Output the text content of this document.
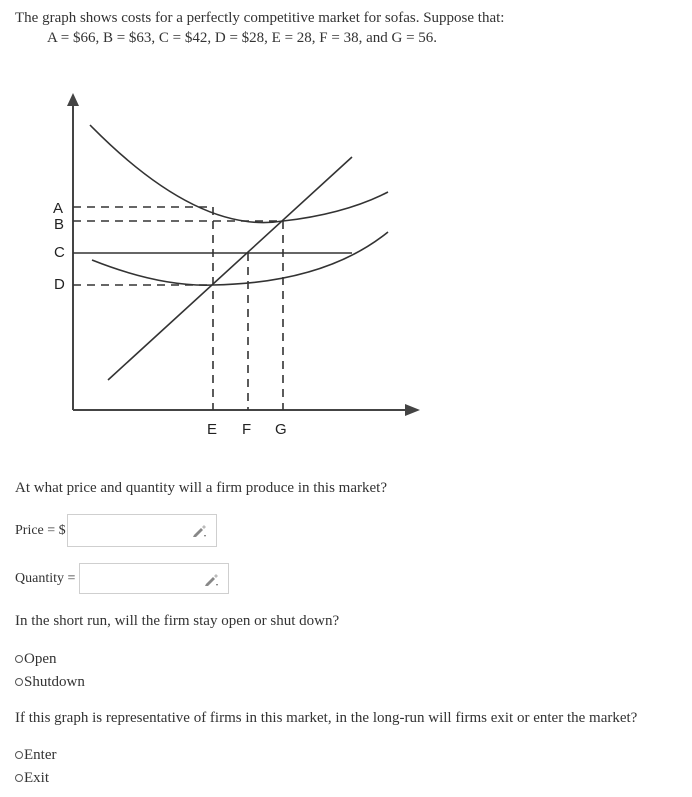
The graph shows costs for a perfectly competitive market for sofas. Suppose that:
A = $66, B = $63, C = $42, D = $28, E = 28, F = 38, and G = 56.
A
B
C
D
E F G
At what price and quantity will a firm produce in this market?
Price = $
Quantity =
In the short run, will the firm stay open or shut down?
Open
Shutdown
If this graph is representative of firms in this market, in the long-run will firms exit or enter the market?
Enter
Exit
